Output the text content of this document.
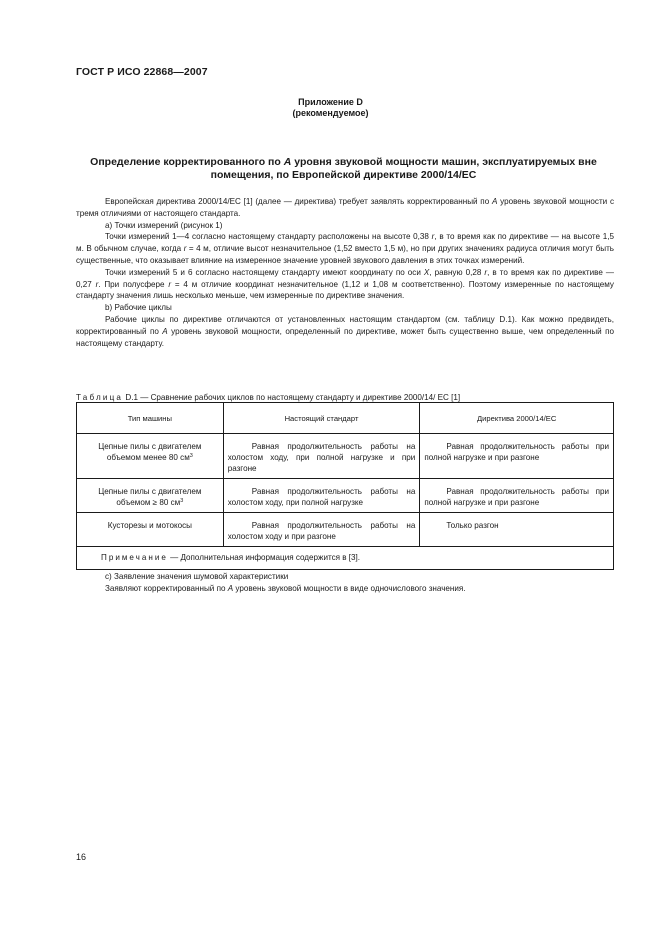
ГОСТ Р ИСО 22868—2007
Приложение D
(рекомендуемое)
Определение корректированного по A уровня звуковой мощности машин, эксплуатируемых вне помещения, по Европейской директиве 2000/14/ЕС

Европейская директива 2000/14/ЕС [1] (далее — директива) требует заявлять корректированный по A уровень звуковой мощности с тремя отличиями от настоящего стандарта.

a) Точки измерений (рисунок 1)

Точки измерений 1—4 согласно настоящему стандарту расположены на высоте 0,38 r, в то время как по директиве — на высоте 1,5 м. В обычном случае, когда r = 4 м, отличие высот незначительное (1,52 вместо 1,5 м), но при других значениях радиуса отличия могут быть существенные, что оказывает влияние на измеренное значение уровней звукового давления в этих точках измерений.

Точки измерений 5 и 6 согласно настоящему стандарту имеют координату по оси X, равную 0,28 r, в то время как по директиве — 0,27 r. При полусфере r = 4 м отличие координат незначительное (1,12 и 1,08 м соответственно). Поэтому измеренные по настоящему стандарту значения лишь несколько меньше, чем измеренные по директиве значения.

b) Рабочие циклы

Рабочие циклы по директиве отличаются от установленных настоящим стандартом (см. таблицу D.1). Как можно предвидеть, корректированный по A уровень звуковой мощности, определенный по директиве, может быть существенно выше, чем определенный по настоящему стандарту.

Таблица D.1 — Сравнение рабочих циклов по настоящему стандарту и директиве 2000/14/ ЕС [1]
Тип машины	Настоящий стандарт	Директива 2000/14/ЕС
Цепные пилы с двигателем объемом менее 80 $см^3$	Равная продолжительность работы на холостом ходу, при полной нагрузке и при разгоне	Равная продолжительность работы при полной нагрузке и при разгоне
Цепные пилы с двигателем объемом ≥ 80 $см^3$	Равная продолжительность работы на холостом ходу, при полной нагрузке	Равная продолжительность работы при полной нагрузке и при разгоне
Кусторезы и мотокосы	Равная продолжительность работы на холостом ходу и при разгоне	Только разгон
Примечание — Дополнительная информация содержится в [3].		

c) Заявление значения шумовой характеристики

Заявляют корректированный по A уровень звуковой мощности в виде одночислового значения.

16
